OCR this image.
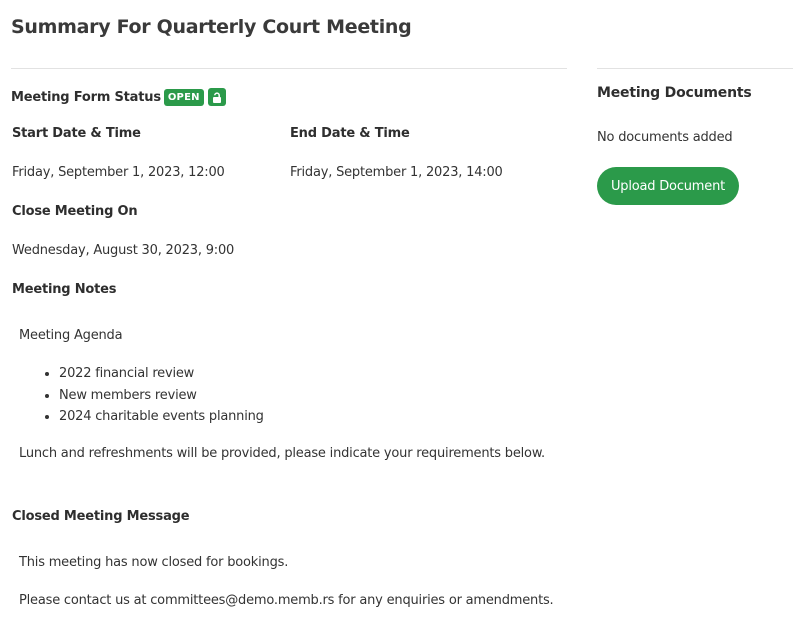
Summary For Quarterly Court Meeting
Meeting Form Status OPEN
Start Date & Time
Friday, September 1, 2023, 12:00
End Date & Time
Friday, September 1, 2023, 14:00
Close Meeting On
Wednesday, August 30, 2023, 9:00
Meeting Notes
Meeting Agenda
• 2022 financial review
• New members review
• 2024 charitable events planning
Lunch and refreshments will be provided, please indicate your requirements below.
Closed Meeting Message
This meeting has now closed for bookings.
Please contact us at committees@demo.memb.rs for any enquiries or amendments.
Meeting Documents
No documents added
Upload Document
